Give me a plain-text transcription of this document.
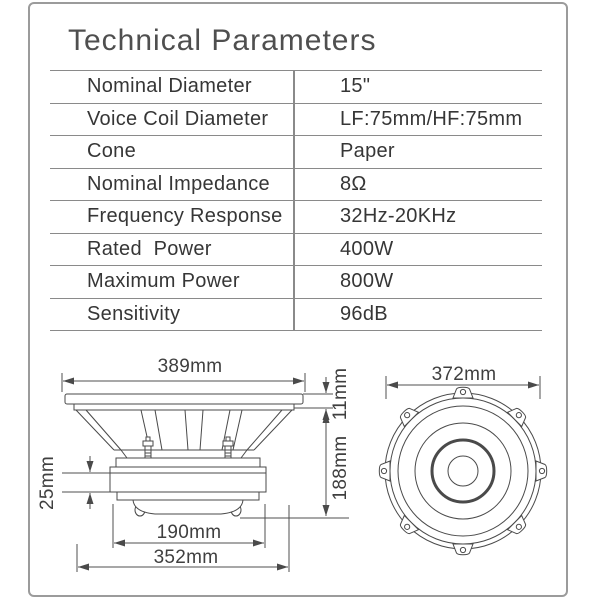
Technical Parameters
Nominal Diameter	15"
Voice Coil Diameter	LF:75mm/HF:75mm
Cone	Paper
Nominal Impedance	8Ω
Frequency Response	32Hz-20KHz
Rated  Power	400W
Maximum Power	800W
Sensitivity	96dB
389mm
11mm
188mm
25mm
190mm
352mm
372mm
